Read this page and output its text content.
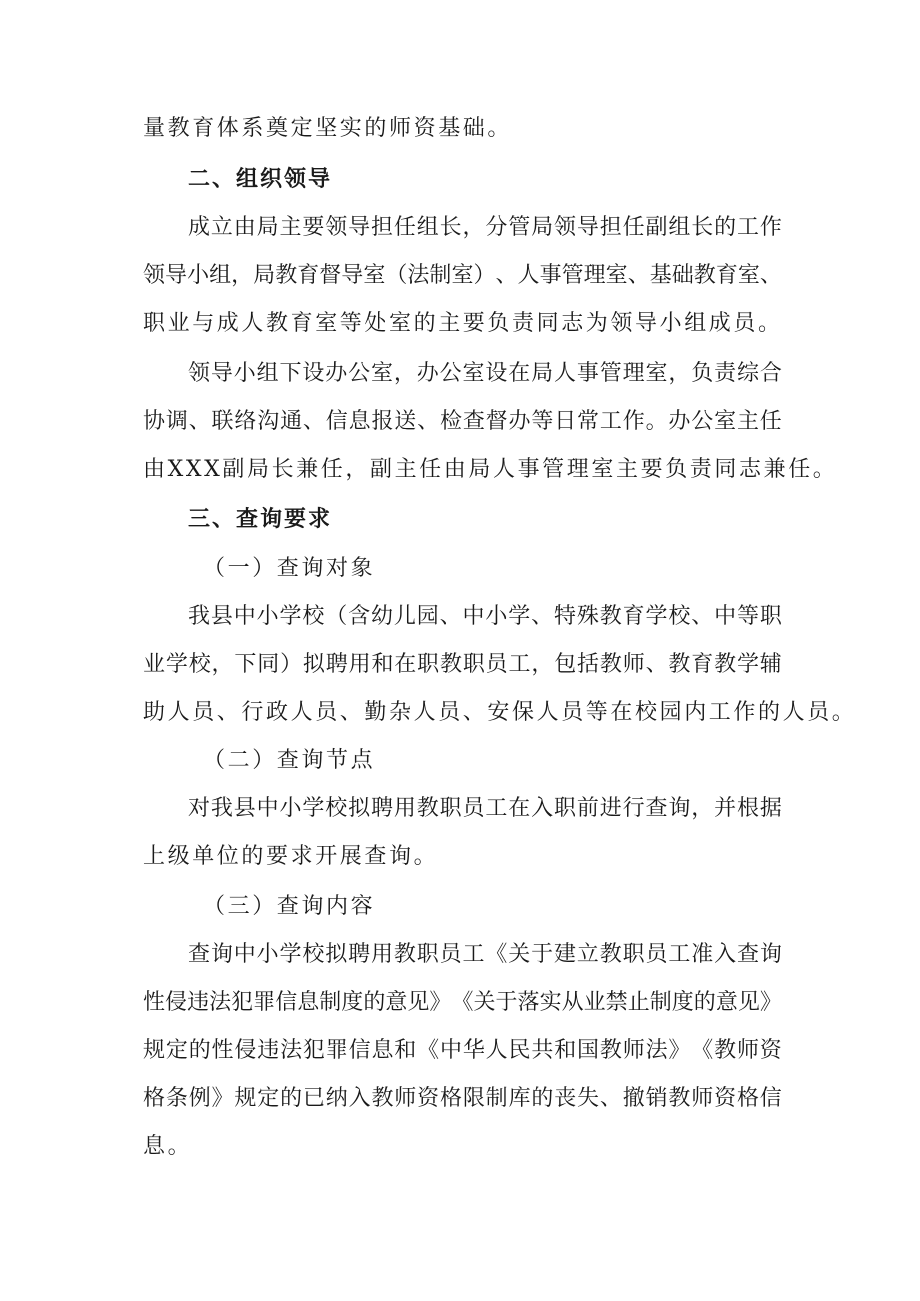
量教育体系奠定坚实的师资基础。
二、组织领导
成 立 由 局 主 要 领 导 担 任 组 长 ， 分 管 局 领 导 担 任 副 组 长 的 工 作
领 导 小 组 ， 局 教 育 督 导 室 （ 法 制 室 ） 、 人 事 管 理 室 、 基 础 教 育 室 、
职业与成人教育室等处室的主要负责同志为领导小组成员。
领 导 小 组 下 设 办 公 室 ， 办 公 室 设 在 局 人 事 管 理 室 ， 负 责 综 合
协 调 、 联 络 沟 通 、 信 息 报 送 、 检 查 督 办 等 日 常 工 作 。 办 公 室 主 任
由XXX副局长兼任，副主任由局人事管理室主要负责同志兼任。
三、查询要求
（一）查询对象
我 县 中 小 学 校 （ 含 幼 儿 园 、 中 小 学 、 特 殊 教 育 学 校 、 中 等 职
业 学 校 ， 下 同 ） 拟 聘 用 和 在 职 教 职 员 工 ， 包 括 教 师 、 教 育 教 学 辅
助人员、行政人员、勤杂人员、安保人员等在校园内工作的人员。
（二）查询节点
对 我 县 中 小 学 校 拟 聘 用 教 职 员 工 在 入 职 前 进 行 查 询 ， 并 根 据
上级单位的要求开展查询。
（三）查询内容
查 询 中 小 学 校 拟 聘 用 教 职 员 工 《 关 于 建 立 教 职 员 工 准 入 查 询
性 侵 违 法 犯 罪 信 息 制 度 的 意 见 》 《 关 于 落 实 从 业 禁 止 制 度 的 意 见 》
规 定 的 性 侵 违 法 犯 罪 信 息 和 《 中 华 人 民 共 和 国 教 师 法 》 《 教 师 资
格 条 例 》 规 定 的 已 纳 入 教 师 资 格 限 制 库 的 丧 失 、 撤 销 教 师 资 格 信
息。
